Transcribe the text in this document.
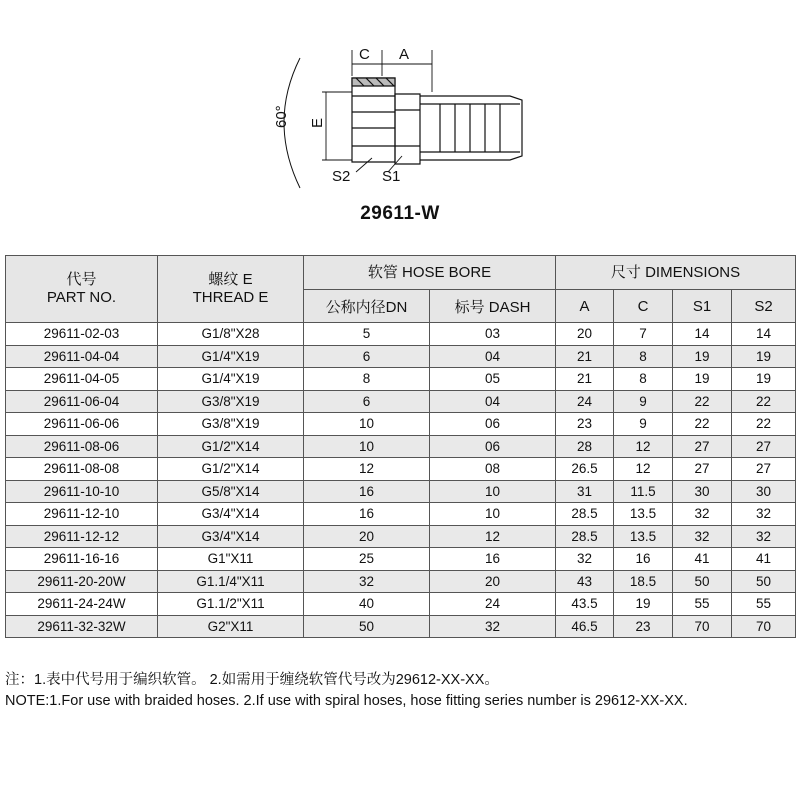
C A
E
S2 S1
60°
29611-W
代号
PART NO.	螺纹 E
THREAD E	软管 HOSE BORE		尺寸 DIMENSIONS			
		公称内径DN	标号 DASH	A	C	S1	S2
29611-02-03	G1/8"X28	5	03	20	7	14	14
29611-04-04	G1/4"X19	6	04	21	8	19	19
29611-04-05	G1/4"X19	8	05	21	8	19	19
29611-06-04	G3/8"X19	6	04	24	9	22	22
29611-06-06	G3/8"X19	10	06	23	9	22	22
29611-08-06	G1/2"X14	10	06	28	12	27	27
29611-08-08	G1/2"X14	12	08	26.5	12	27	27
29611-10-10	G5/8"X14	16	10	31	11.5	30	30
29611-12-10	G3/4"X14	16	10	28.5	13.5	32	32
29611-12-12	G3/4"X14	20	12	28.5	13.5	32	32
29611-16-16	G1"X11	25	16	32	16	41	41
29611-20-20W	G1.1/4"X11	32	20	43	18.5	50	50
29611-24-24W	G1.1/2"X11	40	24	43.5	19	55	55
29611-32-32W	G2"X11	50	32	46.5	23	70	70
注：1.表中代号用于编织软管。 2.如需用于缠绕软管代号改为29612-XX-XX。
NOTE:1.For use with braided hoses. 2.If use with spiral hoses, hose fitting series number is 29612-XX-XX.
